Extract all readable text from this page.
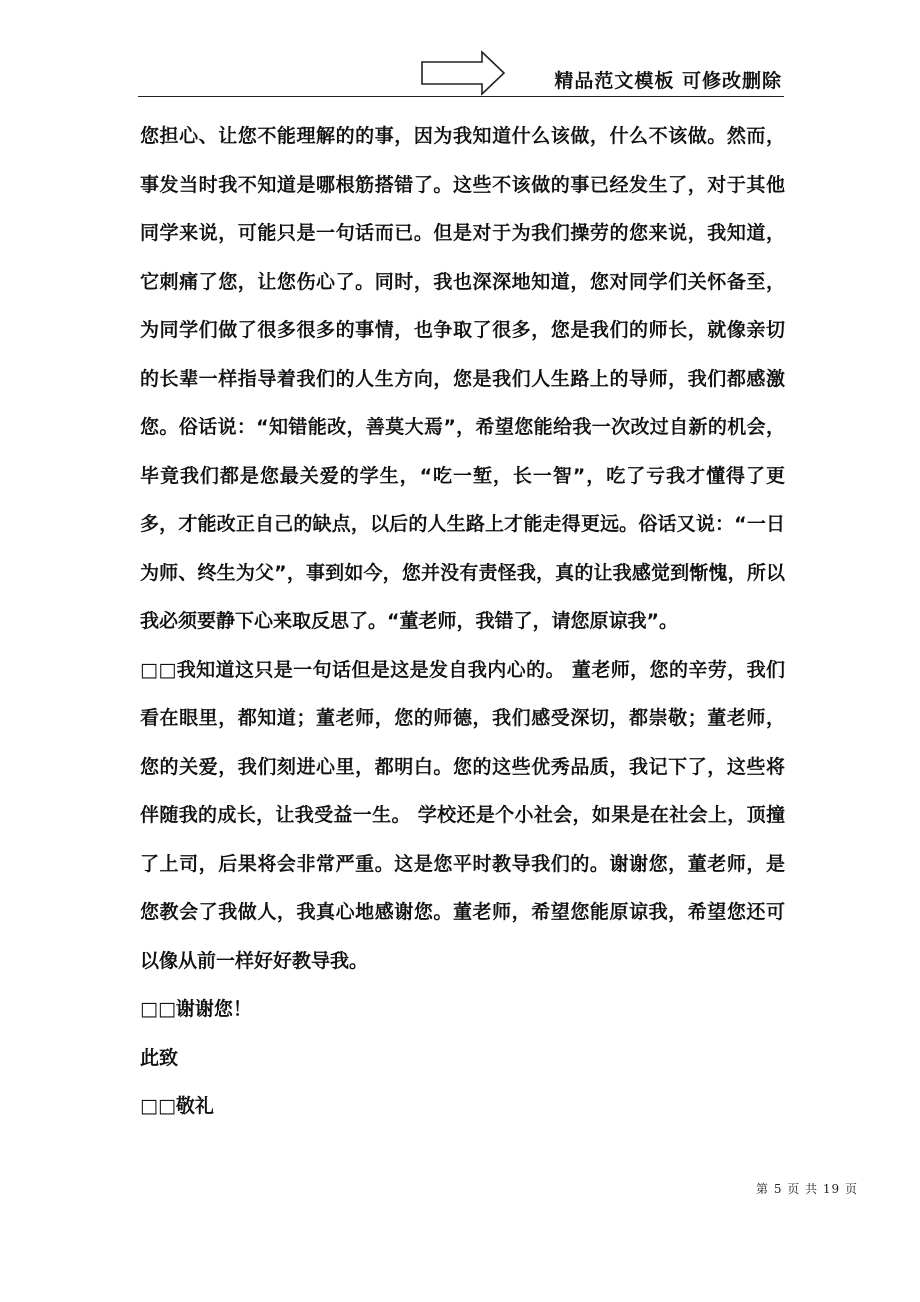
精品范文模板 可修改删除

您担心、让您不能理解的的事，因为我知道什么该做，什么不该做。然而，事发当时我不知道是哪根筋搭错了。这些不该做的事已经发生了，对于其他同学来说，可能只是一句话而已。但是对于为我们操劳的您来说，我知道，它刺痛了您，让您伤心了。同时，我也深深地知道，您对同学们关怀备至，为同学们做了很多很多的事情，也争取了很多，您是我们的师长，就像亲切的长辈一样指导着我们的人生方向，您是我们人生路上的导师，我们都感激您。俗话说：“知错能改，善莫大焉”，希望您能给我一次改过自新的机会，毕竟我们都是您最关爱的学生，“吃一堑，长一智”，吃了亏我才懂得了更多，才能改正自己的缺点，以后的人生路上才能走得更远。俗话又说：“一日为师、终生为父”，事到如今，您并没有责怪我，真的让我感觉到惭愧，所以我必须要静下心来取反思了。“董老师，我错了，请您原谅我”。

□□我知道这只是一句话但是这是发自我内心的。 董老师，您的辛劳，我们看在眼里，都知道；董老师，您的师德，我们感受深切，都崇敬；董老师，您的关爱，我们刻进心里，都明白。您的这些优秀品质，我记下了，这些将伴随我的成长，让我受益一生。 学校还是个小社会，如果是在社会上，顶撞了上司，后果将会非常严重。这是您平时教导我们的。谢谢您，董老师，是您教会了我做人，我真心地感谢您。董老师，希望您能原谅我，希望您还可以像从前一样好好教导我。

□□谢谢您！

此致

□□敬礼

第 5 页 共 19 页
